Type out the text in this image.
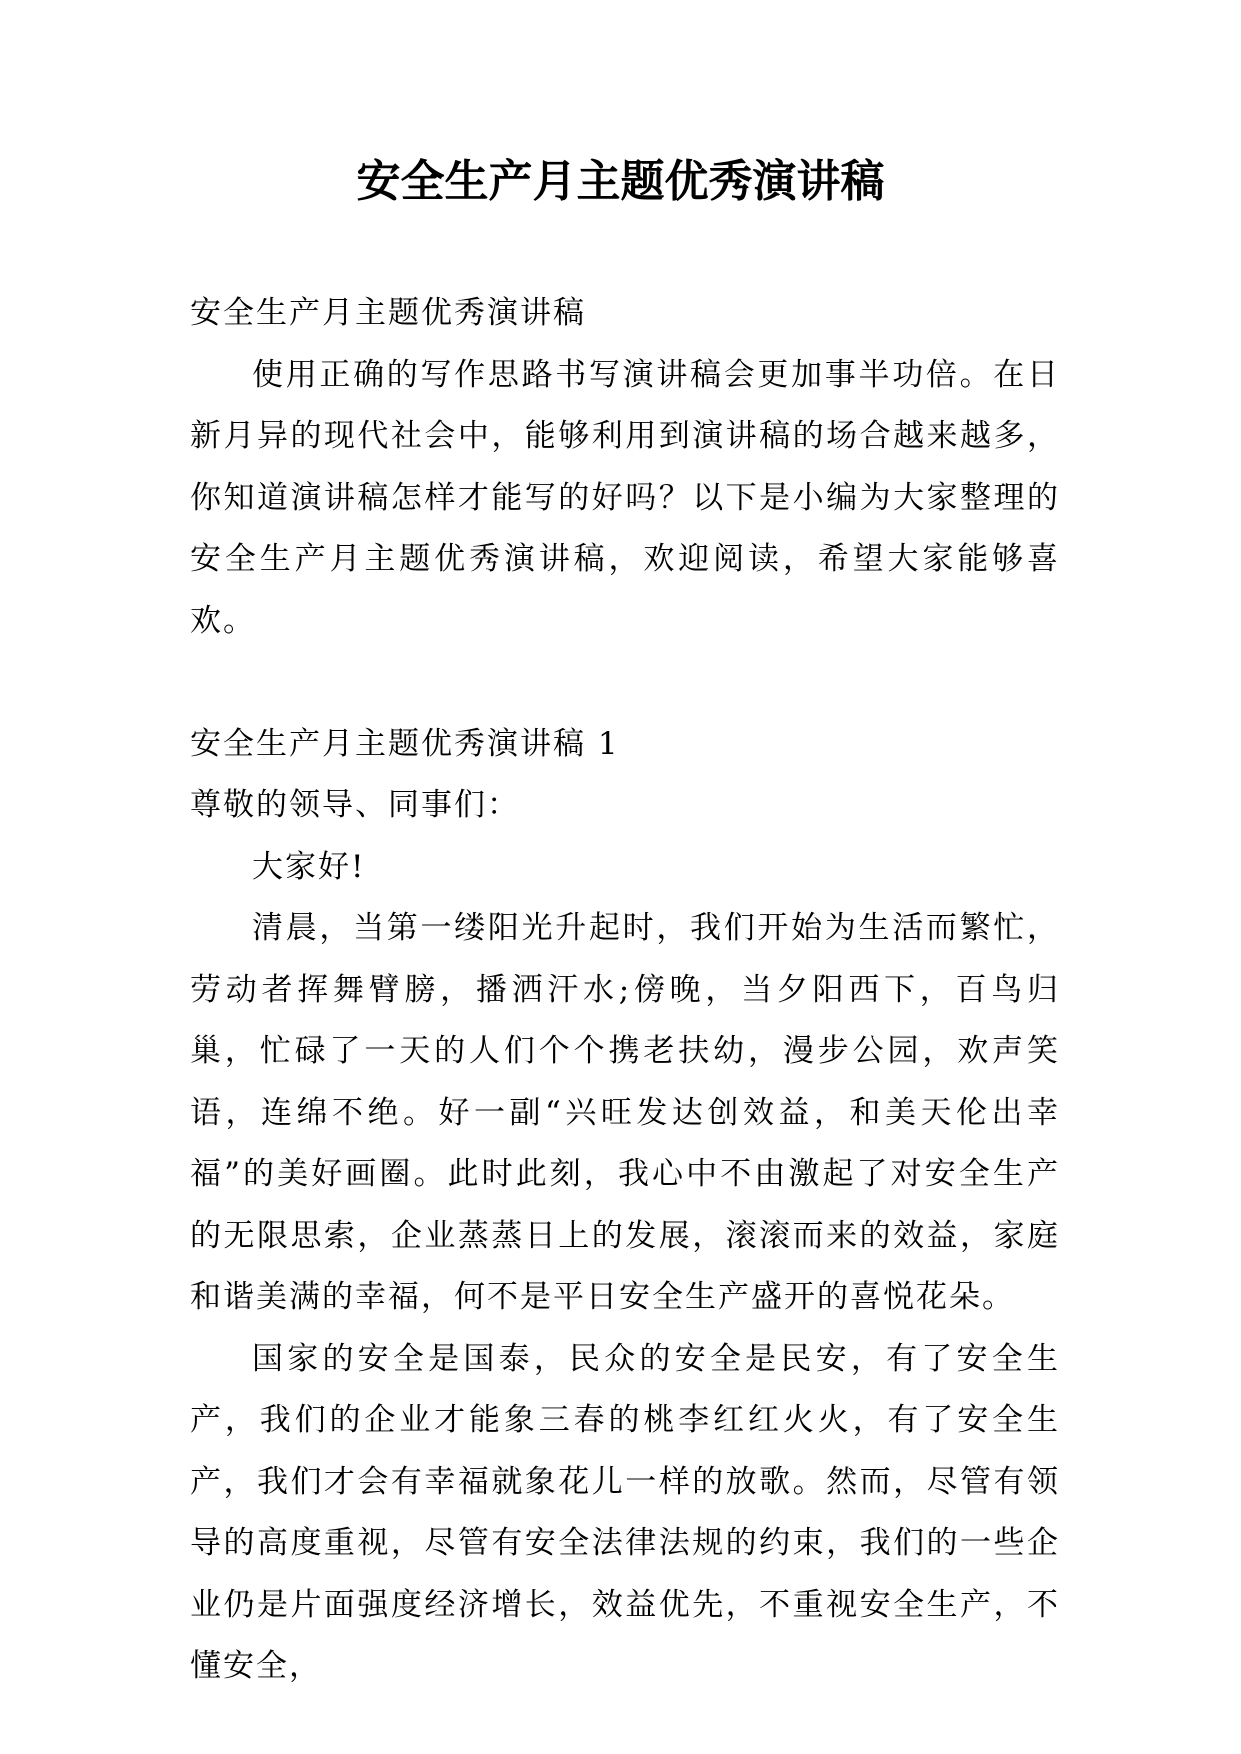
安全生产月主题优秀演讲稿

安全生产月主题优秀演讲稿

使用正确的写作思路书写演讲稿会更加事半功倍。在日新月异的现代社会中，能够利用到演讲稿的场合越来越多，你知道演讲稿怎样才能写的好吗？以下是小编为大家整理的安全生产月主题优秀演讲稿，欢迎阅读，希望大家能够喜欢。

安全生产月主题优秀演讲稿 1

尊敬的领导、同事们：

大家好!

清晨，当第一缕阳光升起时，我们开始为生活而繁忙，劳动者挥舞臂膀，播洒汗水;傍晚，当夕阳西下，百鸟归巢，忙碌了一天的人们个个携老扶幼，漫步公园，欢声笑语，连绵不绝。好一副“兴旺发达创效益，和美天伦出幸福”的美好画圈。此时此刻，我心中不由激起了对安全生产的无限思索，企业蒸蒸日上的发展，滚滚而来的效益，家庭和谐美满的幸福，何不是平日安全生产盛开的喜悦花朵。

国家的安全是国泰，民众的安全是民安，有了安全生产，我们的企业才能象三春的桃李红红火火，有了安全生产，我们才会有幸福就象花儿一样的放歌。然而，尽管有领导的高度重视，尽管有安全法律法规的约束，我们的一些企业仍是片面强度经济增长，效益优先，不重视安全生产，不懂安全，
